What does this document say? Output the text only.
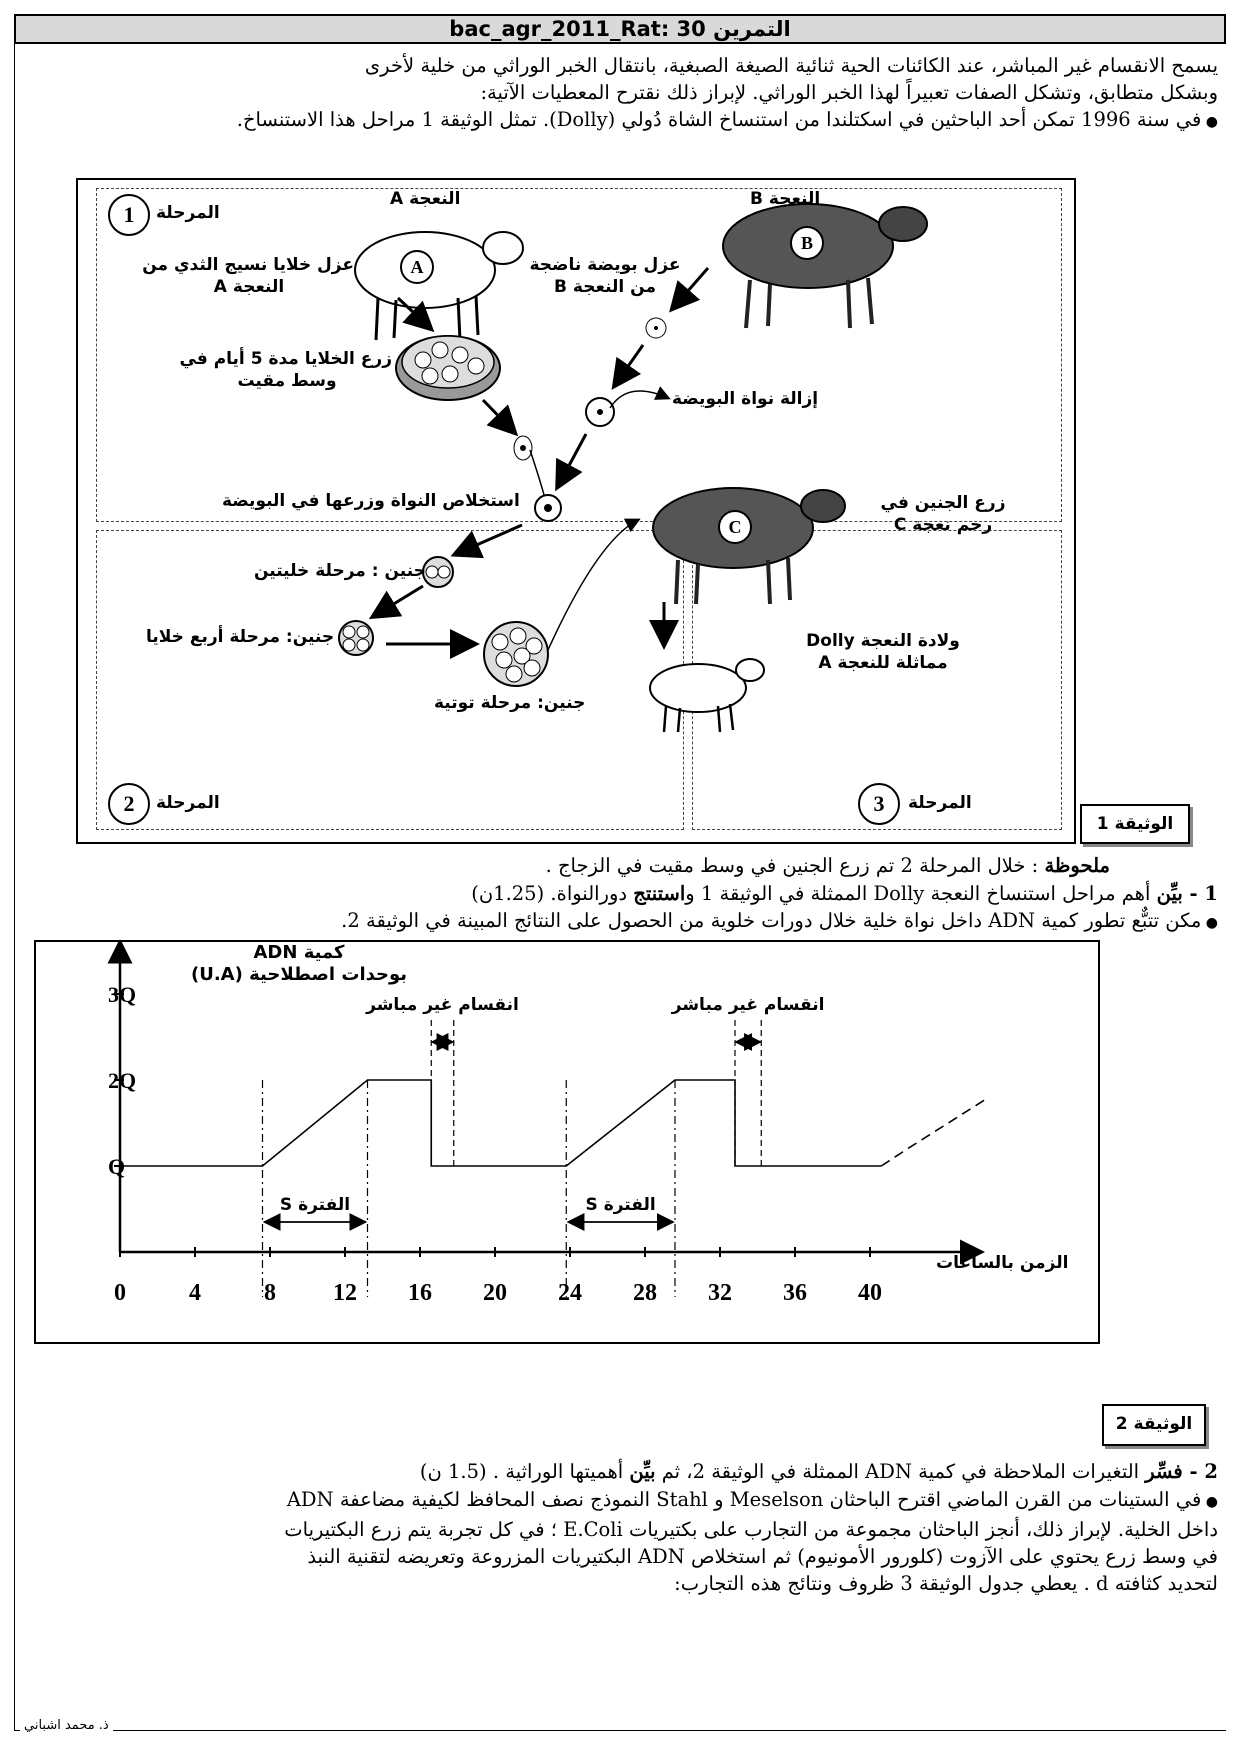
bac_agr_2011_Rat: 30 التمرين
يسمح الانقسام غير المباشر، عند الكائنات الحية ثنائية الصيغة الصبغية، بانتقال الخبر الوراثي من خلية لأخرى
وبشكل متطابق، وتشكل الصفات تعبيراً لهذا الخبر الوراثي. لإبراز ذلك نقترح المعطيات الآتية:
● في سنة 1996 تمكن أحد الباحثين في اسكتلندا من استنساخ الشاة دُولي (Dolly). تمثل الوثيقة 1 مراحل هذا الاستنساخ.
1	المرحلة
2	المرحلة	3	المرحلة
النعجة A	النعجة B
A
B
C
عزل خلايا نسيج الثدي من
النعجة A
عزل بويضة ناضجة
من النعجة B
زرع الخلايا مدة 5 أيام في
وسط مقيت
إزالة نواة البويضة
استخلاص النواة وزرعها في البويضة
جنين : مرحلة خليتين
جنين: مرحلة أربع خلايا
جنين: مرحلة توتية
زرع الجنين في
رحم نعجة C
ولادة النعجة Dolly
مماثلة للنعجة A
الوثيقة 1
ملحوظة : خلال المرحلة 2 تم زرع الجنين في وسط مقيت في الزجاج .
1 - بيِّن أهم مراحل استنساخ النعجة Dolly الممثلة في الوثيقة 1 واستنتج دورالنواة. (1.25ن)
● مكن تتبٌّع تطور كمية ADN داخل نواة خلية خلال دورات خلوية من الحصول على النتائج المبينة في الوثيقة 2.
0	4	8 12 16 20 24 28 32 36 40
Q
2Q
3Q
الفترة S	الفترة S
انقسام غير مباشر	انقسام غير مباشر
كمية ADN
بوحدات اصطلاحية (U.A)
الزمن بالساعات
الوثيقة 2
2 - فسِّر التغيرات الملاحظة في كمية ADN الممثلة في الوثيقة 2، ثم بيِّن أهميتها الوراثية . (1.5 ن)
● في الستينات من القرن الماضي اقترح الباحثان Meselson و Stahl النموذج نصف المحافظ لكيفية مضاعفة ADN
داخل الخلية. لإبراز ذلك، أنجز الباحثان مجموعة من التجارب على بكتيريات E.Coli ؛ في كل تجربة يتم زرع البكتيريات
في وسط زرع يحتوي على الآزوت (كلورور الأمونيوم) ثم استخلاص ADN البكتيريات المزروعة وتعريضه لتقنية النبذ
لتحديد كثافته d . يعطي جدول الوثيقة 3 ظروف ونتائج هذه التجارب:
ذ. محمد اشباني
